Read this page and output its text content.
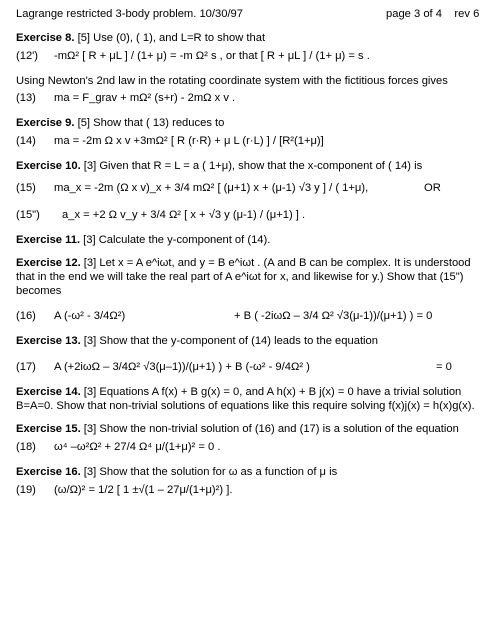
Lagrange restricted 3-body problem. 10/30/97	page 3 of 4    rev 6

Exercise 8. [5] Use (0), ( 1), and L=R to show that

(12') -mΩ² [ R + μL ] / (1+ μ) = -m Ω² s , or that [ R + μL ] / (1+ μ) = s .

Using Newton's 2nd law in the rotating coordinate system with the fictitious forces gives

(13) ma = F_grav + mΩ² (s+r) - 2mΩ x v .

Exercise 9. [5] Show that ( 13) reduces to

(14) ma = -2m Ω x v +3mΩ² [ R (r·R) + μ L (r·L) ] / [R²(1+μ)]

Exercise 10. [3] Given that R = L = a ( 1+μ), show that the x-component of ( 14) is

(15) ma_x = -2m (Ω x v)_x + 3/4 mΩ² [ (μ+1) x + (μ-1) √3 y ] / ( 1+μ),	OR
(15") a_x = +2 Ω v_y + 3/4 Ω² [ x + √3 y (μ-1) / (μ+1) ] .

Exercise 11. [3] Calculate the y-component of (14).

Exercise 12. [3] Let x = A e^iωt, and y = B e^iωt . (A and B can be complex. It is understood that in the end we will take the real part of A e^iωt for x, and likewise for y.) Show that (15") becomes

(16) A (-ω² - 3/4Ω²)	+ B ( -2iωΩ – 3/4 Ω² √3(μ-1))/(μ+1) ) = 0

Exercise 13. [3] Show that the y-component of (14) leads to the equation

(17) A (+2iωΩ – 3/4Ω² √3(μ–1))/(μ+1) ) + B (-ω² - 9/4Ω² )	= 0

Exercise 14. [3] Equations A f(x) + B g(x) = 0, and A h(x) + B j(x) = 0 have a trivial solution B=A=0. Show that non-trivial solutions of equations like this require solving f(x)j(x) = h(x)g(x).

Exercise 15. [3] Show the non-trivial solution of (16) and (17) is a solution of the equation

(18) ω⁴ –ω²Ω² + 27/4 Ω⁴ μ/(1+μ)² = 0 .

Exercise 16. [3] Show that the solution for ω as a function of μ is

(19) (ω/Ω)² = 1/2 [ 1 ±√(1 – 27μ/(1+μ)²) ].
